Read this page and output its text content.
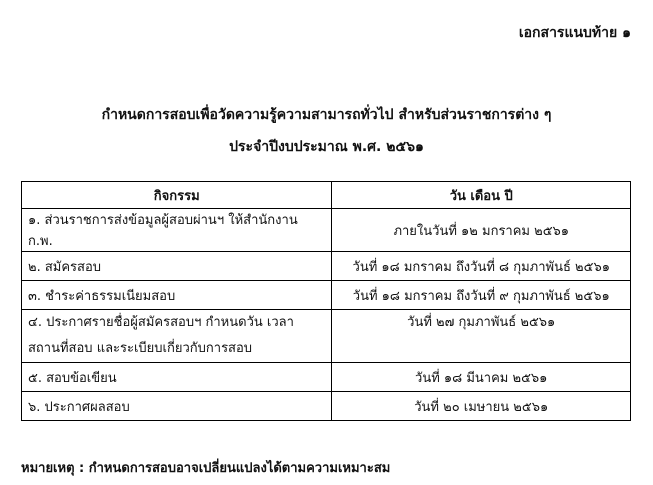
เอกสารแนบท้าย ๑
กำหนดการสอบเพื่อวัดความรู้ความสามารถทั่วไป สำหรับส่วนราชการต่าง ๆ
ประจำปีงบประมาณ พ.ศ. ๒๕๖๑
กิจกรรม	วัน เดือน ปี
๑. ส่วนราชการส่งข้อมูลผู้สอบผ่านฯ ให้สำนักงาน ก.พ.	ภายในวันที่ ๑๒ มกราคม ๒๕๖๑
๒. สมัครสอบ	วันที่ ๑๘ มกราคม ถึงวันที่ ๘ กุมภาพันธ์ ๒๕๖๑
๓. ชำระค่าธรรมเนียมสอบ	วันที่ ๑๘ มกราคม ถึงวันที่ ๙ กุมภาพันธ์ ๒๕๖๑

๔. ประกาศรายชื่อผู้สมัครสอบฯ กำหนดวัน เวลา
สถานที่สอบ และระเบียบเกี่ยวกับการสอบ	วันที่ ๒๗ กุมภาพันธ์ ๒๕๖๑
๕. สอบข้อเขียน	วันที่ ๑๘ มีนาคม ๒๕๖๑
๖. ประกาศผลสอบ	วันที่ ๒๐ เมษายน ๒๕๖๑
หมายเหตุ : กำหนดการสอบอาจเปลี่ยนแปลงได้ตามความเหมาะสม
